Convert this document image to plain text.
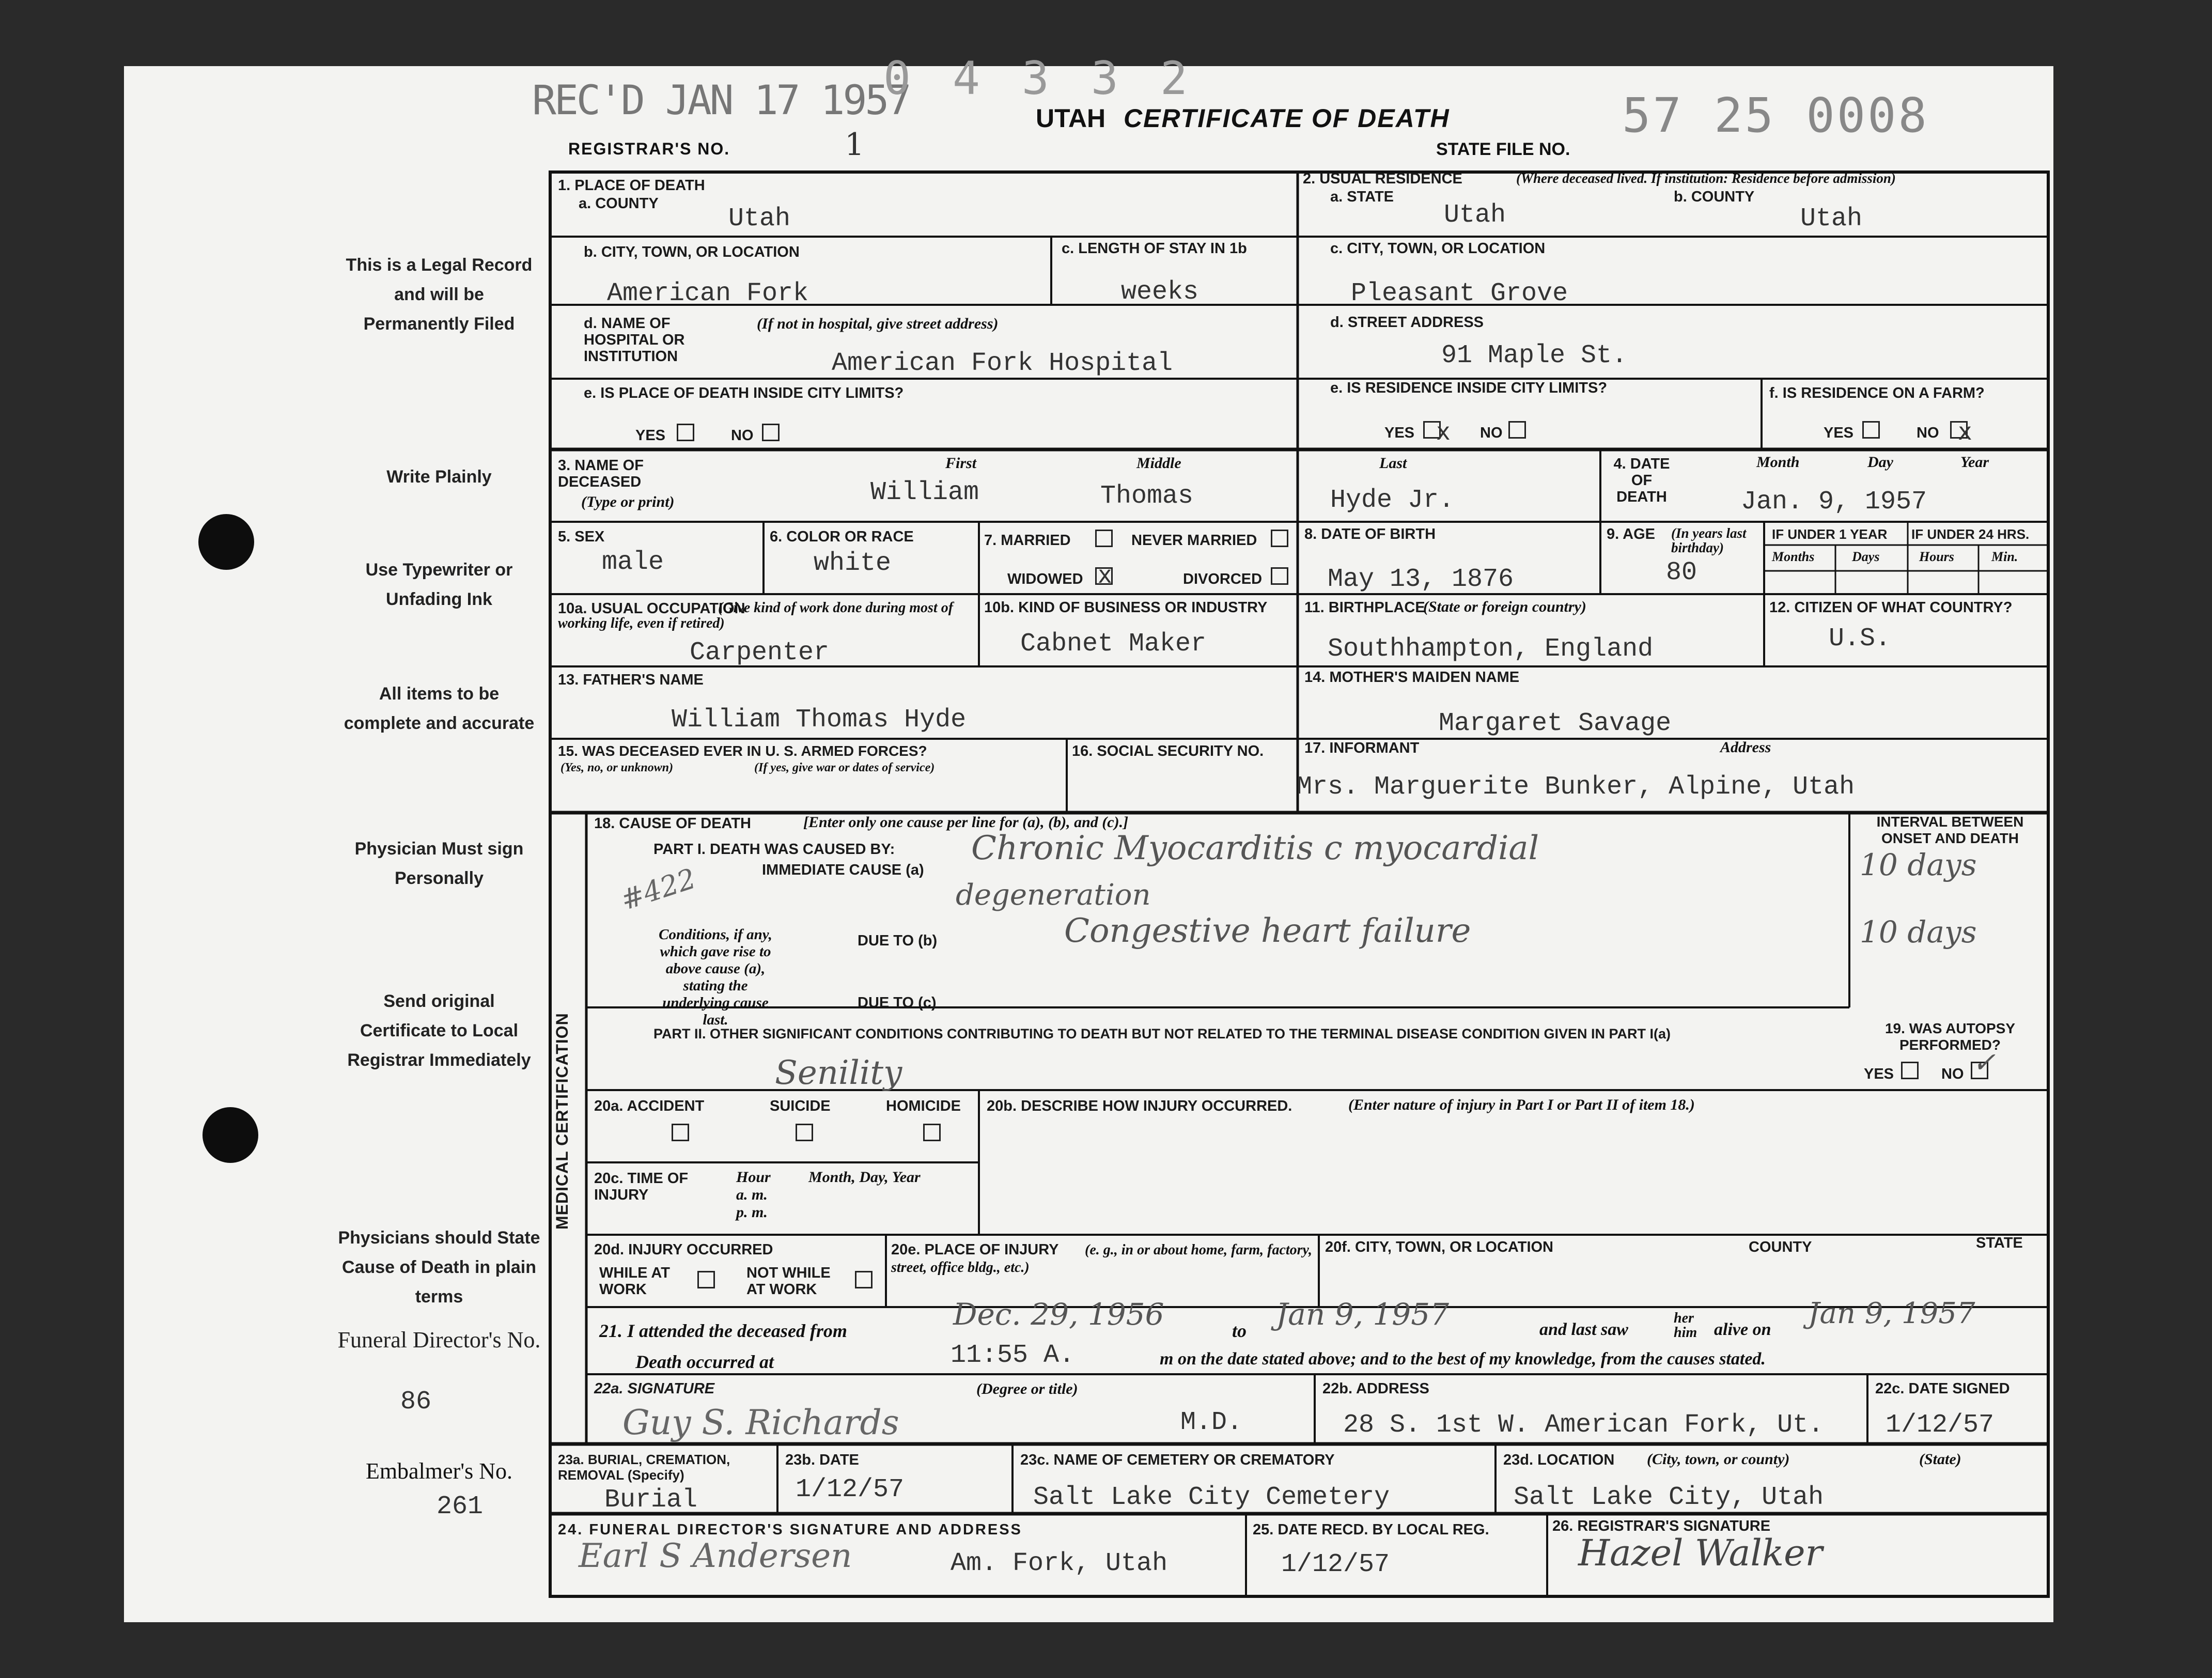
This is a Legal Record and will be Permanently Filed
Write Plainly
Use Typewriter or Unfading Ink
All items to be complete and accurate
Physician Must sign Personally
Send original Certificate to Local Registrar Immediately
Physicians should State Cause of Death in plain terms
Funeral Director's No.
86
Embalmer's No.
261
REC'D JAN 17 1957
0 4 3 3 2
REGISTRAR'S NO.	1
UTAH CERTIFICATE OF DEATH
STATE FILE NO.
57 25 0008
MEDICAL CERTIFICATION
1. PLACE OF DEATH
a. COUNTY
Utah
2. USUAL RESIDENCE	(Where deceased lived. If institution: Residence before admission)
a. STATE	b. COUNTY
Utah	Utah
b. CITY, TOWN, OR LOCATION
American Fork
c. LENGTH OF STAY IN 1b
weeks
c. CITY, TOWN, OR LOCATION
Pleasant Grove
d. NAME OF HOSPITAL OR INSTITUTION
(If not in hospital, give street address)
American Fork Hospital
d. STREET ADDRESS
91 Maple St.
e. IS PLACE OF DEATH INSIDE CITY LIMITS?
YES	NO
e. IS RESIDENCE INSIDE CITY LIMITS?
YES x NO
f. IS RESIDENCE ON A FARM?
YES	NO x
3. NAME OF DECEASED
(Type or print)
First	Middle	Last
William	Thomas	Hyde Jr.
4. DATE OF DEATH
Month	Day	Year
Jan. 9, 1957
5. SEX
male
6. COLOR OR RACE
white
7. MARRIED	NEVER MARRIED
WIDOWED x	DIVORCED
8. DATE OF BIRTH
May 13, 1876
9. AGE (In years last birthday)
80
IF UNDER 1 YEAR IF UNDER 24 HRS.
Months	Days	Hours	Min.
10a. USUAL OCCUPATION
(Give kind of work done during most of working life, even if retired)
Carpenter
10b. KIND OF BUSINESS OR INDUSTRY
Cabnet Maker
11. BIRTHPLACE
(State or foreign country)
Southhampton, England
12. CITIZEN OF WHAT COUNTRY?
U.S.
13. FATHER'S NAME
William Thomas Hyde
14. MOTHER'S MAIDEN NAME
Margaret Savage
15. WAS DECEASED EVER IN U. S. ARMED FORCES?
(Yes, no, or unknown)	(If yes, give war or dates of service)
16. SOCIAL SECURITY NO.	17. INFORMANT	Address
Mrs. Marguerite Bunker, Alpine, Utah
18. CAUSE OF DEATH	[Enter only one cause per line for (a), (b), and (c).]
PART I. DEATH WAS CAUSED BY:
IMMEDIATE CAUSE (a)
Chronic Myocarditis c myocardial
degeneration
#422
Conditions, if any, which gave rise to above cause (a), stating the underlying cause last.
DUE TO (b)	Congestive heart failure
DUE TO (c)
PART II. OTHER SIGNIFICANT CONDITIONS CONTRIBUTING TO DEATH BUT NOT RELATED TO THE TERMINAL DISEASE CONDITION GIVEN IN PART I(a)
Senility
INTERVAL BETWEEN ONSET AND DEATH
10 days
10 days
19. WAS AUTOPSY PERFORMED?
YES	NO ✓
20a. ACCIDENT	SUICIDE	HOMICIDE 20b. DESCRIBE HOW INJURY OCCURRED.	(Enter nature of injury in Part I or Part II of item 18.)
20c. TIME OF INJURY
Hour a. m. p. m.
Month, Day, Year
20d. INJURY OCCURRED
WHILE AT WORK
NOT WHILE AT WORK
20e. PLACE OF INJURY	(e. g., in or about home, farm, factory, street, office bldg., etc.)
20f. CITY, TOWN, OR LOCATION	COUNTY	STATE
21. I attended the deceased from	Dec. 29, 1956	to Jan 9, 1957	and last saw
her him alive on Jan 9, 1957
Death occurred at	11:55 A.	m on the date stated above; and to the best of my knowledge, from the causes stated.
22a. SIGNATURE	(Degree or title)
Guy S. Richards	M.D.
22b. ADDRESS
28 S. 1st W. American Fork, Ut.
22c. DATE SIGNED
1/12/57
23a. BURIAL, CREMATION, REMOVAL (Specify)
Burial
23b. DATE
1/12/57
23c. NAME OF CEMETERY OR CREMATORY
Salt Lake City Cemetery
23d. LOCATION (City, town, or county)	(State)
Salt Lake City, Utah
24. FUNERAL DIRECTOR'S SIGNATURE AND ADDRESS
Earl S Andersen	Am. Fork, Utah
25. DATE RECD. BY LOCAL REG.
1/12/57
26. REGISTRAR'S SIGNATURE
Hazel Walker
